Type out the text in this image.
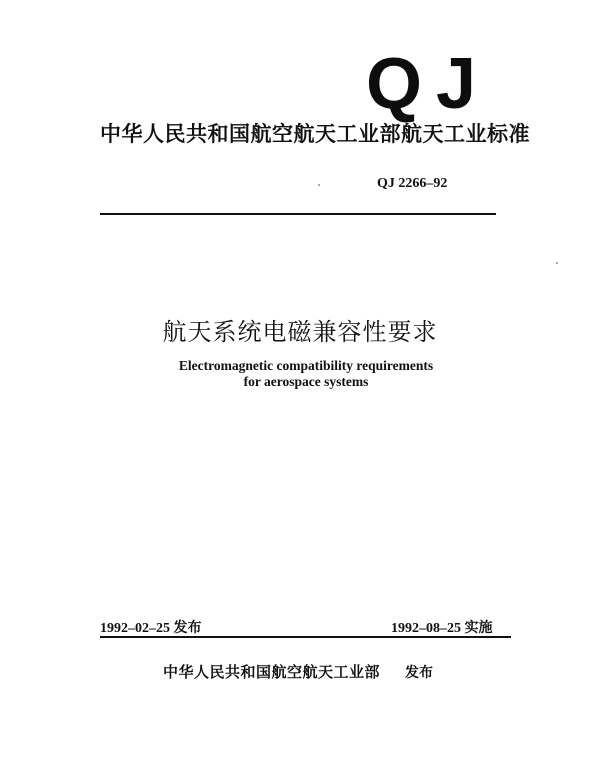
QJ
中华人民共和国航空航天工业部航天工业标准
QJ 2266–92
航天系统电磁兼容性要求
Electromagnetic compatibility requirements
for aerospace systems
1992–02–25 发布	1992–08–25 实施
中华人民共和国航空航天工业部 发布
